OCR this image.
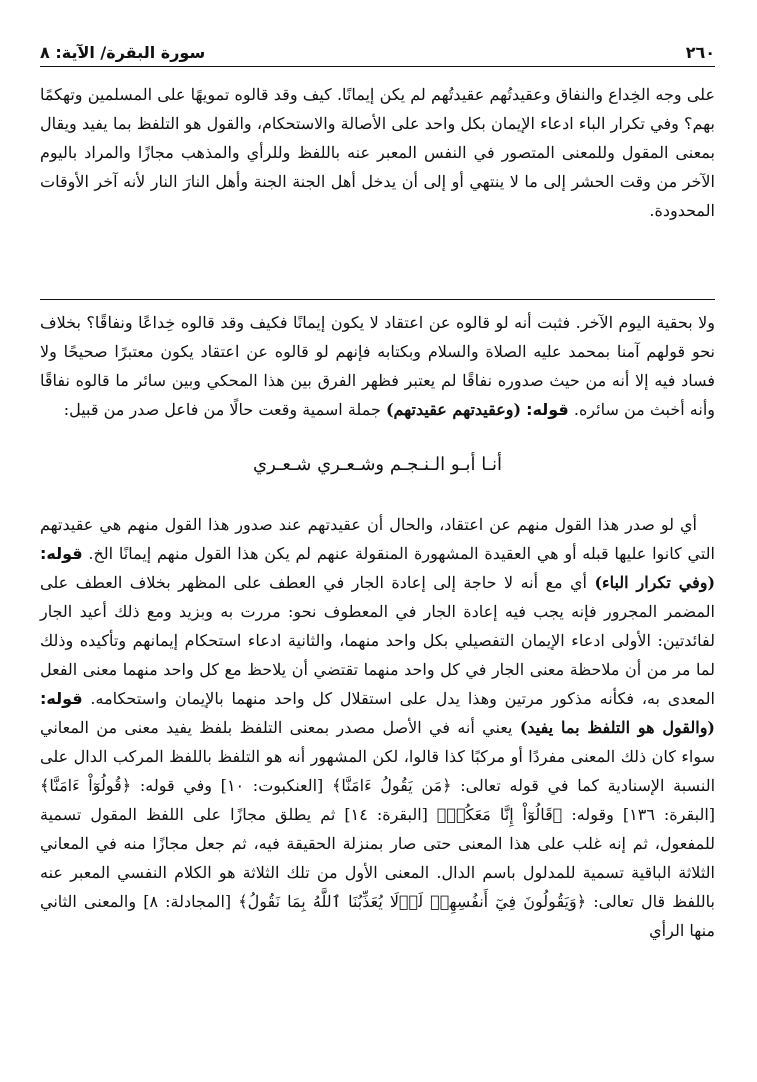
٢٦٠
سورة البقرة/ الآية: ٨

على وجه الخِداع والنفاق وعقيدتُهم عقيدتُهم لم يكن إيمانًا. كيف وقد قالوه تمويهًا على المسلمين وتهكمًا بهم؟ وفي تكرار الباء ادعاء الإيمان بكل واحد على الأصالة والاستحكام، والقول هو التلفظ بما يفيد ويقال بمعنى المقول وللمعنى المتصور في النفس المعبر عنه باللفظ وللرأي والمذهب مجازًا والمراد باليوم الآخر من وقت الحشر إلى ما لا ينتهي أو إلى أن يدخل أهل الجنة الجنة وأهل النارَ النار لأنه آخر الأوقات المحدودة.

ولا بحقية اليوم الآخر. فثبت أنه لو قالوه عن اعتقاد لا يكون إيمانًا فكيف وقد قالوه خِداعًا ونفاقًا؟ بخلاف نحو قولهم آمنا بمحمد عليه الصلاة والسلام وبكتابه فإنهم لو قالوه عن اعتقاد يكون معتبرًا صحيحًا ولا فساد فيه إلا أنه من حيث صدوره نفاقًا لم يعتبر فظهر الفرق بين هذا المحكي وبين سائر ما قالوه نفاقًا وأنه أخبث من سائره. قوله: (وعقيدتهم عقيدتهم) جملة اسمية وقعت حالًا من فاعل صدر من قبيل:

أنـا أبـو الـنـجـم وشـعـري شـعـري

أي لو صدر هذا القول منهم عن اعتقاد، والحال أن عقيدتهم عند صدور هذا القول منهم هي عقيدتهم التي كانوا عليها قبله أو هي العقيدة المشهورة المنقولة عنهم لم يكن هذا القول منهم إيمانًا الخ. قوله: (وفي تكرار الباء) أي مع أنه لا حاجة إلى إعادة الجار في العطف على المظهر بخلاف العطف على المضمر المجرور فإنه يجب فيه إعادة الجار في المعطوف نحو: مررت به وبزيد ومع ذلك أعيد الجار لفائدتين: الأولى ادعاء الإيمان التفصيلي بكل واحد منهما، والثانية ادعاء استحكام إيمانهم وتأكيده وذلك لما مر من أن ملاحظة معنى الجار في كل واحد منهما تقتضي أن يلاحظ مع كل واحد منهما معنى الفعل المعدى به، فكأنه مذكور مرتين وهذا يدل على استقلال كل واحد منهما بالإيمان واستحكامه. قوله: (والقول هو التلفظ بما يفيد) يعني أنه في الأصل مصدر بمعنى التلفظ بلفظ يفيد معنى من المعاني سواء كان ذلك المعنى مفردًا أو مركبًا كذا قالوا، لكن المشهور أنه هو التلفظ باللفظ المركب الدال على النسبة الإسنادية كما في قوله تعالى: ﴿مَن يَقُولُ ءَامَنَّا﴾ [العنكبوت: ١٠] وفي قوله: ﴿قُولُوٓاْ ءَامَنَّا﴾ [البقرة: ١٣٦] وقوله: ﴿قَالُوٓاْ إِنَّا مَعَكُمۡ﴾ [البقرة: ١٤] ثم يطلق مجازًا على اللفظ المقول تسمية للمفعول، ثم إنه غلب على هذا المعنى حتى صار بمنزلة الحقيقة فيه، ثم جعل مجازًا منه في المعاني الثلاثة الباقية تسمية للمدلول باسم الدال. المعنى الأول من تلك الثلاثة هو الكلام النفسي المعبر عنه باللفظ قال تعالى: ﴿وَيَقُولُونَ فِيٓ أَنفُسِهِمۡ لَوۡلَا يُعَذِّبُنَا ٱللَّهُ بِمَا نَقُولُ﴾ [المجادلة: ٨] والمعنى الثاني منها الرأي
